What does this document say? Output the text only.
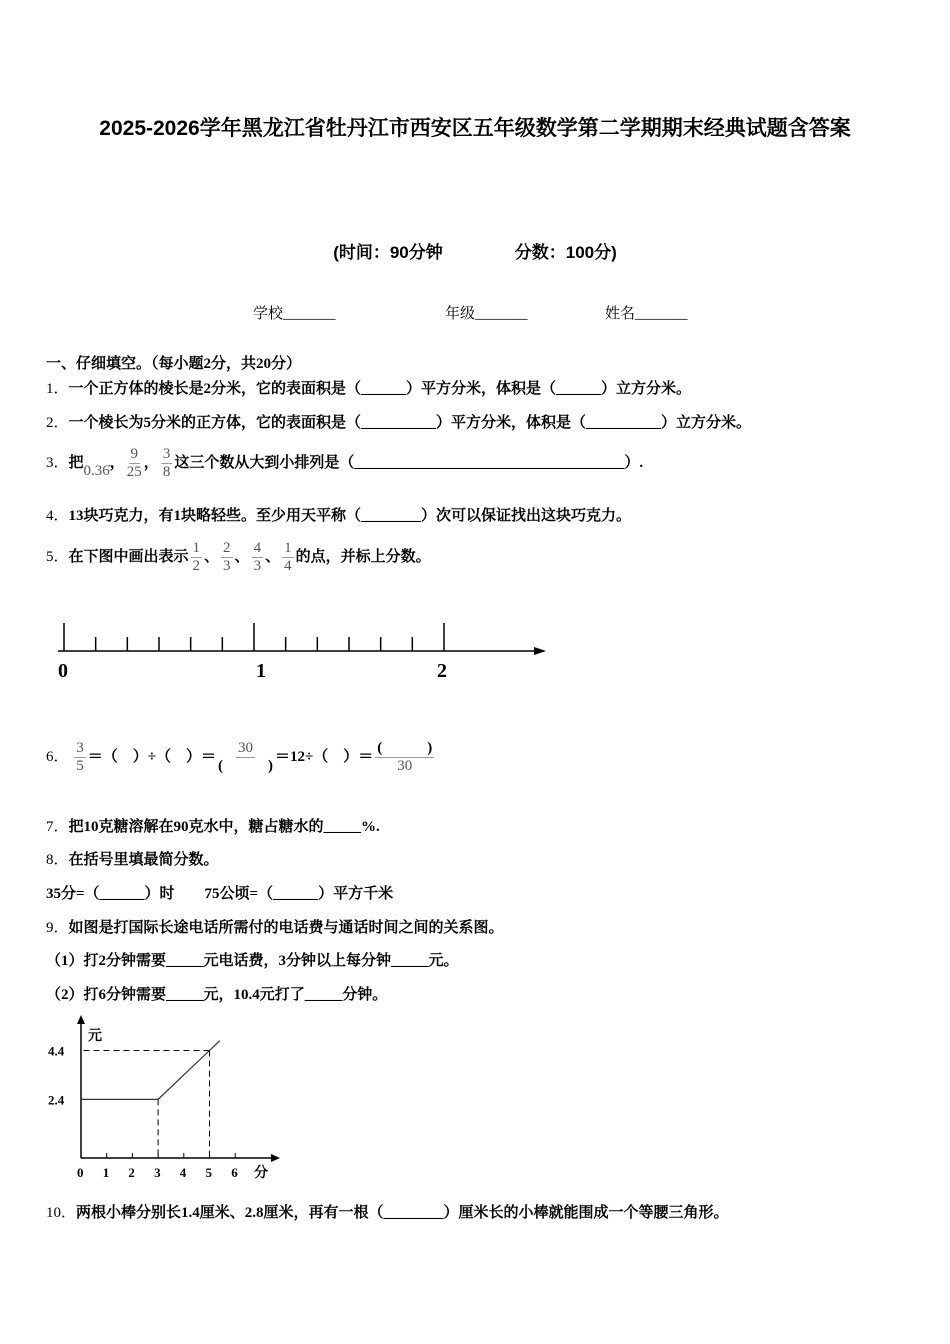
2025-2026学年黑龙江省牡丹江市西安区五年级数学第二学期期末经典试题含答案
(时间：90分钟	分数：100分)
学校_______	年级_______	姓名_______
一、仔细填空。（每小题2分，共20分）
1．一个正方体的棱长是2分米，它的表面积是（______）平方分米，体积是（______）立方分米。
2．一个棱长为5分米的正方体，它的表面积是（__________）平方分米，体积是（__________）立方分米。
3．把0.36̇， $\frac{9}{25}$ ， $\frac{3}{8}$ 这三个数从大到小排列是（____________________________________）.
4．13块巧克力，有1块略轻些。至少用天平称（________）次可以保证找出这块巧克力。
5．在下图中画出表示 $\frac{1}{2}$ 、 $\frac{2}{3}$ 、 $\frac{4}{3}$ 、 $\frac{1}{4}$ 的点，并标上分数。
0	1	2
6． $\frac{3}{5}$ ＝（　）÷（　）＝ $\frac{30}{( )} =12\div$（　）＝ $\frac{( )}{30}$
7．把10克糖溶解在90克水中，糖占糖水的_____%.
8．在括号里填最简分数。
35分=（______）时　　75公顷=（______）平方千米
9．如图是打国际长途电话所需付的电话费与通话时间之间的关系图。
（1）打2分钟需要_____元电话费，3分钟以上每分钟_____元。
（2）打6分钟需要_____元，10.4元打了_____分钟。
元
分
0 1 2 3 4 5 6
2.4
4.4
10．两根小棒分别长1.4厘米、2.8厘米，再有一根（________）厘米长的小棒就能围成一个等腰三角形。
